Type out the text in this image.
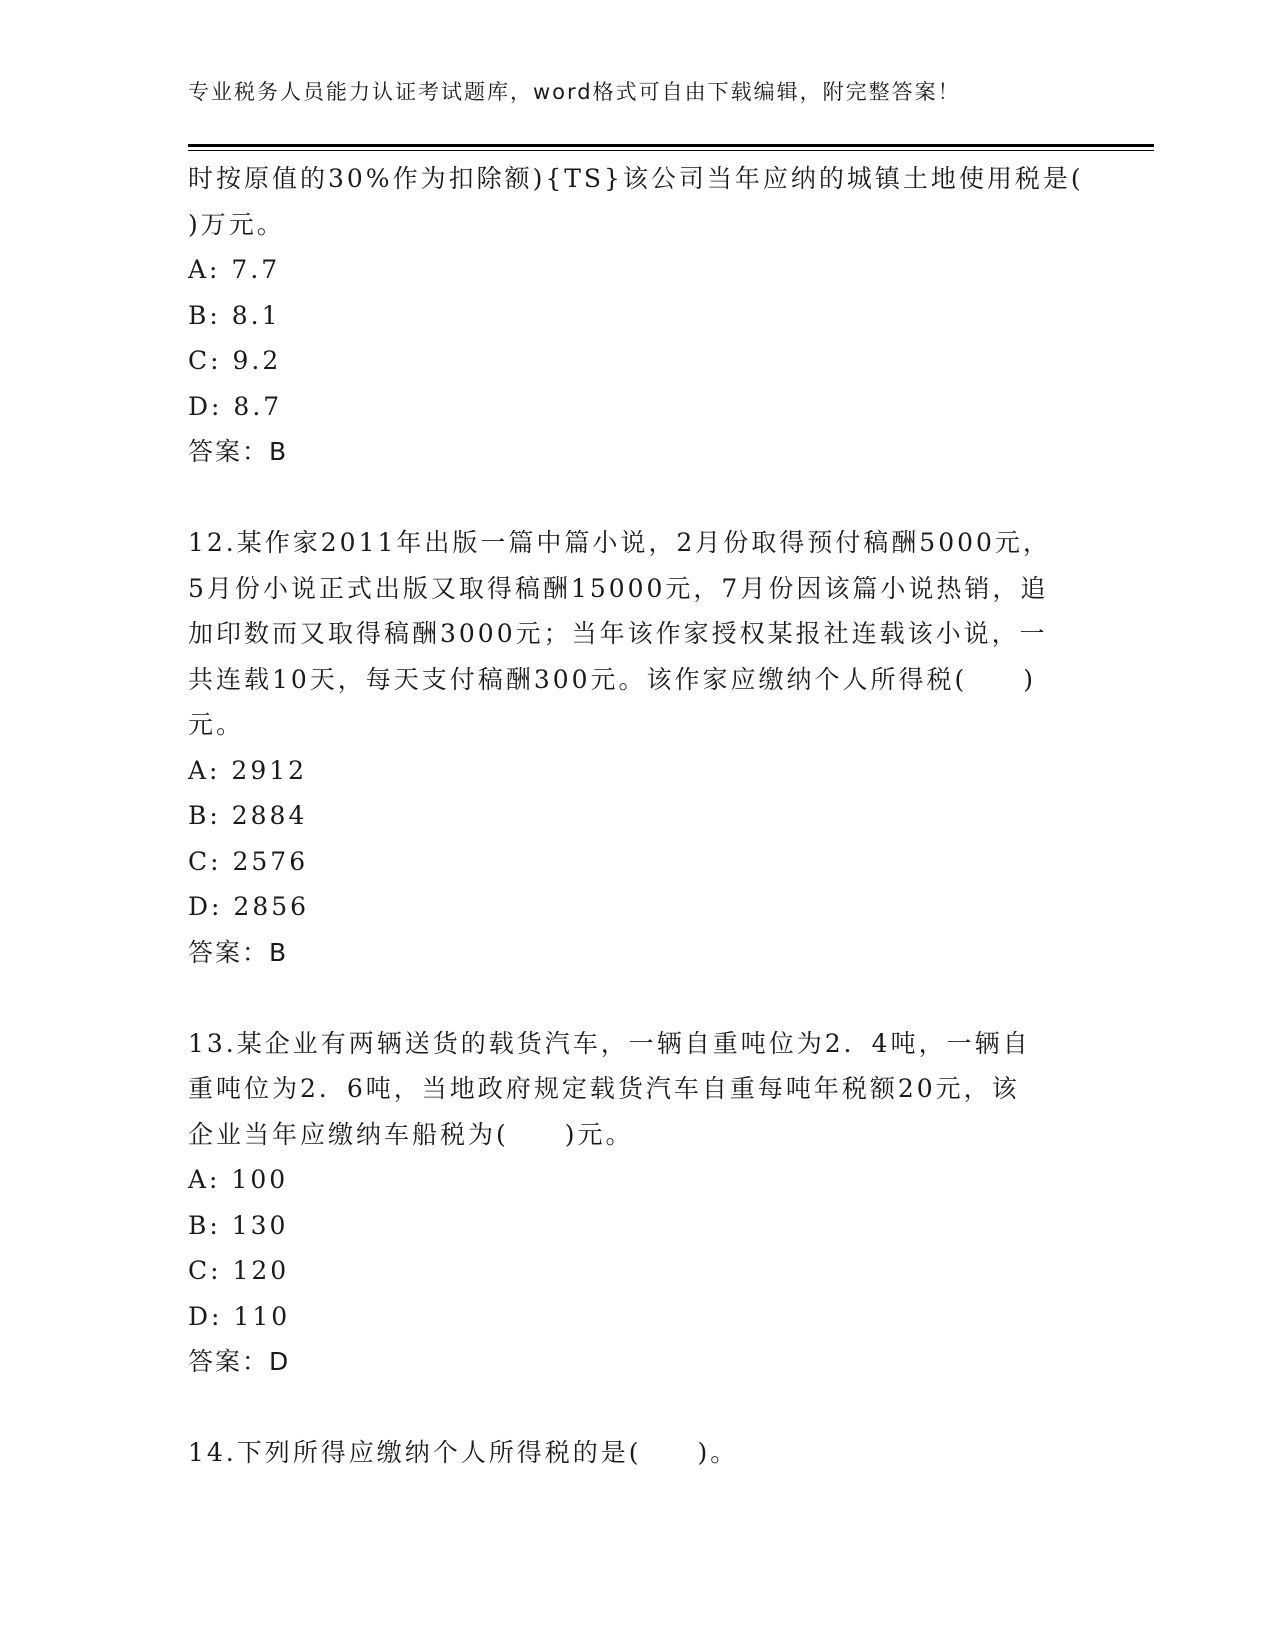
专业税务人员能力认证考试题库，word格式可自由下载编辑，附完整答案！
时按原值的30%作为扣除额){TS}该公司当年应纳的城镇土地使用税是(
)万元。
A: 7.7
B: 8.1
C: 9.2
D: 8.7
答案：B
12.某作家2011年出版一篇中篇小说，2月份取得预付稿酬5000元，
5月份小说正式出版又取得稿酬15000元，7月份因该篇小说热销，追
加印数而又取得稿酬3000元；当年该作家授权某报社连载该小说，一
共连载10天，每天支付稿酬300元。该作家应缴纳个人所得税(　　)
元。
A: 2912
B: 2884
C: 2576
D: 2856
答案：B
13.某企业有两辆送货的载货汽车，一辆自重吨位为2．4吨，一辆自
重吨位为2．6吨，当地政府规定载货汽车自重每吨年税额20元，该
企业当年应缴纳车船税为(　　)元。
A: 100
B: 130
C: 120
D: 110
答案：D
14.下列所得应缴纳个人所得税的是(　　)。
